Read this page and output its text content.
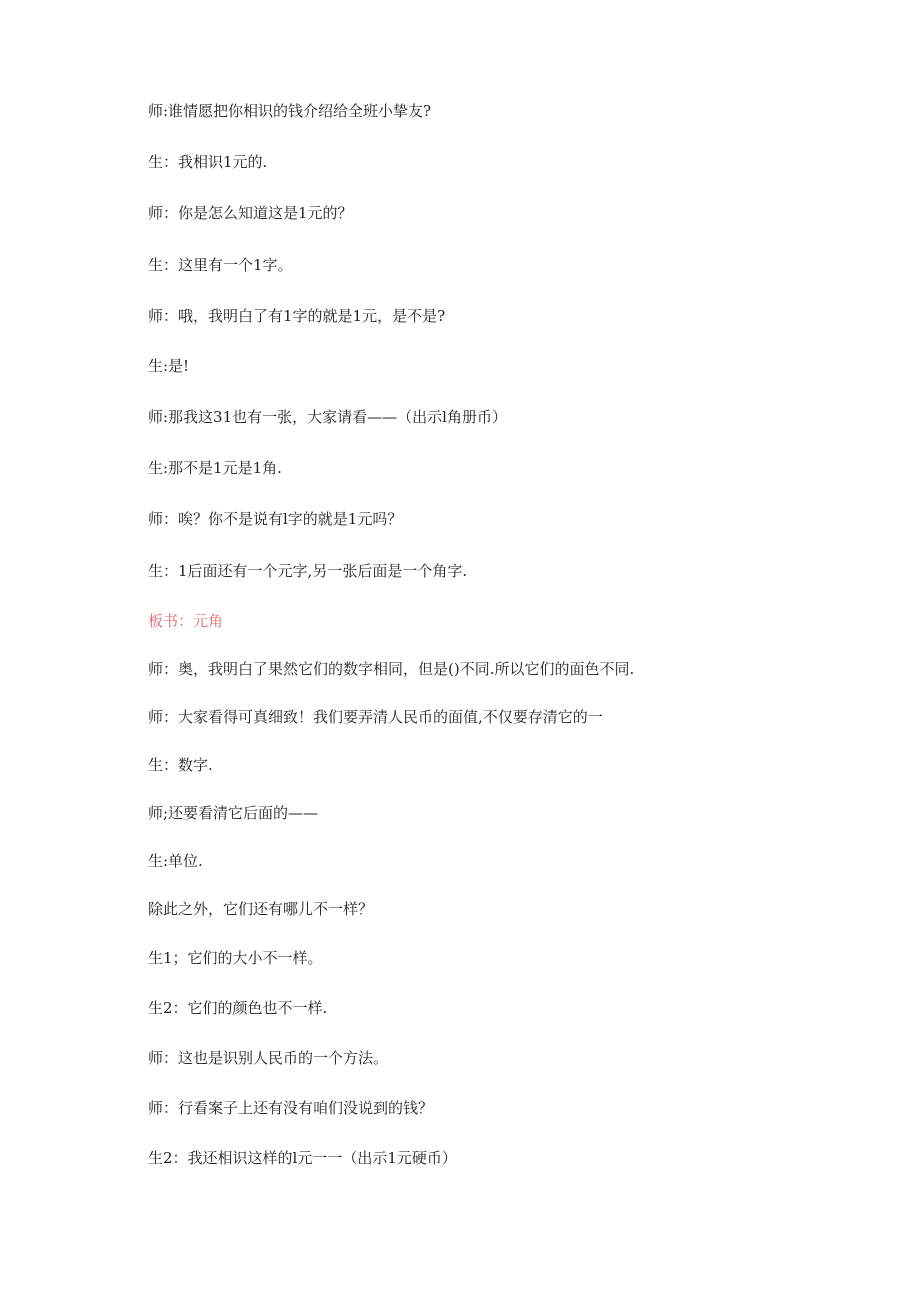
师:谁情愿把你相识的钱介绍给全班小挚友?
生：我相识1元的.
师：你是怎么知道这是1元的？
生：这里有一个1字。
师：哦，我明白了有1字的就是1元，是不是?
生:是!
师:那我这31也有一张，大家请看——（出示l角册币）
生:那不是1元是1角.
师：唉？你不是说有l字的就是1元吗？
生：1后面还有一个元字,另一张后面是一个角字.
板书：元角
师：奥，我明白了果然它们的数字相同，但是()不同.所以它们的面色不同.
师：大家看得可真细致！我们要弄清人民币的面值,不仅要存清它的一
生：数字.
师;还要看清它后面的——
生:单位.
除此之外，它们还有哪儿不一样？
生1；它们的大小不一样。
生2：它们的颜色也不一样.
师：这也是识别人民币的一个方法。
师：行看案子上还有没有咱们没说到的钱？
生2：我还相识这样的l元一一（出示1元硬币）
